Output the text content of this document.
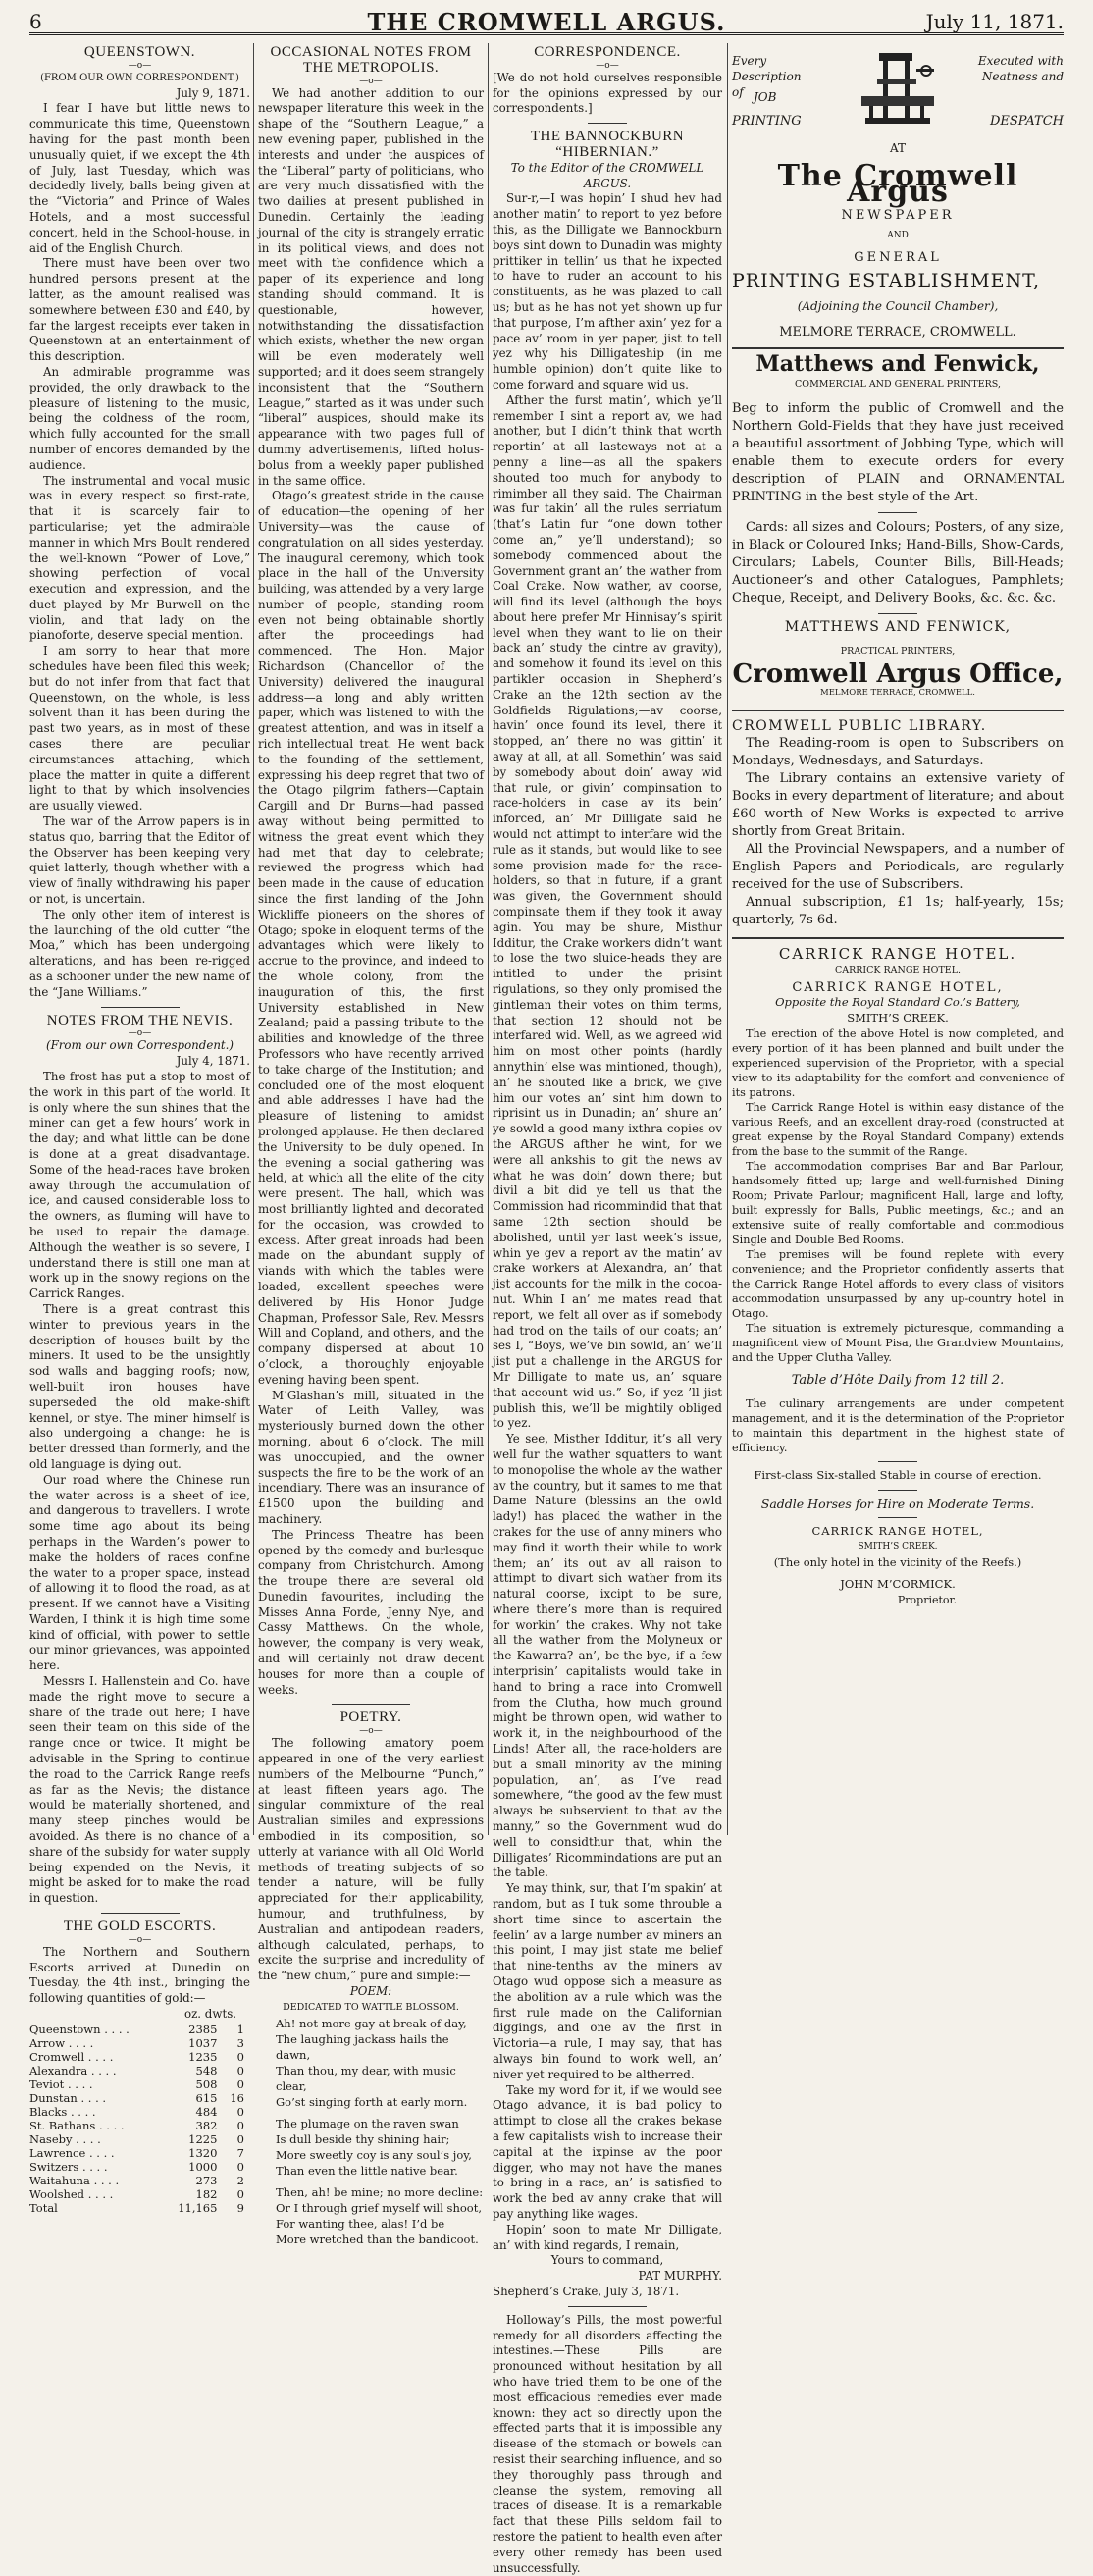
6	THE CROMWELL ARGUS.	July 11, 1871.
QUEENSTOWN.
—o—
(FROM OUR OWN CORRESPONDENT.)
July 9, 1871.

I fear I have but little news to communicate this time, Queenstown having for the past month been unusually quiet, if we except the 4th of July, last Tuesday, which was decidedly lively, balls being given at the “Victoria” and Prince of Wales Hotels, and a most successful concert, held in the School-house, in aid of the English Church.

There must have been over two hundred persons present at the latter, as the amount realised was somewhere between £30 and £40, by far the largest receipts ever taken in Queenstown at an entertainment of this description.

An admirable programme was provided, the only drawback to the pleasure of listening to the music, being the coldness of the room, which fully accounted for the small number of encores demanded by the audience.

The instrumental and vocal music was in every respect so first-rate, that it is scarcely fair to particularise; yet the admirable manner in which Mrs Boult rendered the well-known “Power of Love,” showing perfection of vocal execution and expression, and the duet played by Mr Burwell on the violin, and that lady on the pianoforte, deserve special mention.

I am sorry to hear that more schedules have been filed this week; but do not infer from that fact that Queenstown, on the whole, is less solvent than it has been during the past two years, as in most of these cases there are peculiar circumstances attaching, which place the matter in quite a different light to that by which insolvencies are usually viewed.

The war of the Arrow papers is in status quo, barring that the Editor of the Observer has been keeping very quiet latterly, though whether with a view of finally withdrawing his paper or not, is uncertain.

The only other item of interest is the launching of the old cutter “the Moa,” which has been undergoing alterations, and has been re-rigged as a schooner under the new name of the “Jane Williams.”

NOTES FROM THE NEVIS.
—o—
(From our own Correspondent.)
July 4, 1871.

The frost has put a stop to most of the work in this part of the world. It is only where the sun shines that the miner can get a few hours’ work in the day; and what little can be done is done at a great disadvantage. Some of the head-races have broken away through the accumulation of ice, and caused considerable loss to the owners, as fluming will have to be used to repair the damage. Although the weather is so severe, I understand there is still one man at work up in the snowy regions on the Carrick Ranges.

There is a great contrast this winter to previous years in the description of houses built by the miners. It used to be the unsightly sod walls and bagging roofs; now, well-built iron houses have superseded the old make-shift kennel, or stye. The miner himself is also undergoing a change: he is better dressed than formerly, and the old language is dying out.

Our road where the Chinese run the water across is a sheet of ice, and dangerous to travellers. I wrote some time ago about its being perhaps in the Warden’s power to make the holders of races confine the water to a proper space, instead of allowing it to flood the road, as at present. If we cannot have a Visiting Warden, I think it is high time some kind of official, with power to settle our minor grievances, was appointed here.

Messrs I. Hallenstein and Co. have made the right move to secure a share of the trade out here; I have seen their team on this side of the range once or twice. It might be advisable in the Spring to continue the road to the Carrick Range reefs as far as the Nevis; the distance would be materially shortened, and many steep pinches would be avoided. As there is no chance of a share of the subsidy for water supply being expended on the Nevis, it might be asked for to make the road in question.

THE GOLD ESCORTS.
—o—

The Northern and Southern Escorts arrived at Dunedin on Tuesday, the 4th inst., bringing the following quantities of gold:—

oz. dwts.
Queenstown . . . .	2385	1
Arrow . . . .	1037	3
Cromwell . . . .	1235	0
Alexandra . . . .	548	0
Teviot . . . .	508	0
Dunstan . . . .	615	16
Blacks . . . .	484	0
St. Bathans . . . .	382	0
Naseby . . . .	1225	0
Lawrence . . . .	1320	7
Switzers . . . .	1000	0
Waitahuna . . . .	273	2
Woolshed . . . .	182	0
Total	11,165	9
OCCASIONAL NOTES FROM THE METROPOLIS.
—o—

We had another addition to our newspaper literature this week in the shape of the “Southern League,” a new evening paper, published in the interests and under the auspices of the “Liberal” party of politicians, who are very much dissatisfied with the two dailies at present published in Dunedin. Certainly the leading journal of the city is strangely erratic in its political views, and does not meet with the confidence which a paper of its experience and long standing should command. It is questionable, however, notwithstanding the dissatisfaction which exists, whether the new organ will be even moderately well supported; and it does seem strangely inconsistent that the “Southern League,” started as it was under such “liberal” auspices, should make its appearance with two pages full of dummy advertisements, lifted holus-bolus from a weekly paper published in the same office.

Otago’s greatest stride in the cause of education—the opening of her University—was the cause of congratulation on all sides yesterday. The inaugural ceremony, which took place in the hall of the University building, was attended by a very large number of people, standing room even not being obtainable shortly after the proceedings had commenced. The Hon. Major Richardson (Chancellor of the University) delivered the inaugural address—a long and ably written paper, which was listened to with the greatest attention, and was in itself a rich intellectual treat. He went back to the founding of the settlement, expressing his deep regret that two of the Otago pilgrim fathers—Captain Cargill and Dr Burns—had passed away without being permitted to witness the great event which they had met that day to celebrate; reviewed the progress which had been made in the cause of education since the first landing of the John Wickliffe pioneers on the shores of Otago; spoke in eloquent terms of the advantages which were likely to accrue to the province, and indeed to the whole colony, from the inauguration of this, the first University established in New Zealand; paid a passing tribute to the abilities and knowledge of the three Professors who have recently arrived to take charge of the Institution; and concluded one of the most eloquent and able addresses I have had the pleasure of listening to amidst prolonged applause. He then declared the University to be duly opened. In the evening a social gathering was held, at which all the elite of the city were present. The hall, which was most brilliantly lighted and decorated for the occasion, was crowded to excess. After great inroads had been made on the abundant supply of viands with which the tables were loaded, excellent speeches were delivered by His Honor Judge Chapman, Professor Sale, Rev. Messrs Will and Copland, and others, and the company dispersed at about 10 o’clock, a thoroughly enjoyable evening having been spent.

M’Glashan’s mill, situated in the Water of Leith Valley, was mysteriously burned down the other morning, about 6 o’clock. The mill was unoccupied, and the owner suspects the fire to be the work of an incendiary. There was an insurance of £1500 upon the building and machinery.

The Princess Theatre has been opened by the comedy and burlesque company from Christchurch. Among the troupe there are several old Dunedin favourites, including the Misses Anna Forde, Jenny Nye, and Cassy Matthews. On the whole, however, the company is very weak, and will certainly not draw decent houses for more than a couple of weeks.

POETRY.
—o—

The following amatory poem appeared in one of the very earliest numbers of the Melbourne “Punch,” at least fifteen years ago. The singular commixture of the real Australian similes and expressions embodied in its composition, so utterly at variance with all Old World methods of treating subjects of so tender a nature, will be fully appreciated for their applicability, humour, and truthfulness, by Australian and antipodean readers, although calculated, perhaps, to excite the surprise and incredulity of the “new chum,” pure and simple:—

POEM:
DEDICATED TO WATTLE BLOSSOM.
Ah! not more gay at break of day,
The laughing jackass hails the dawn,
Than thou, my dear, with music clear,
Go’st singing forth at early morn.
The plumage on the raven swan
Is dull beside thy shining hair;
More sweetly coy is any soul’s joy,
Than even the little native bear.
Then, ah! be mine; no more decline:
Or I through grief myself will shoot,
For wanting thee, alas! I’d be
More wretched than the bandicoot.
CORRESPONDENCE.
—o—

[We do not hold ourselves responsible for the opinions expressed by our correspondents.]

THE BANNOCKBURN “HIBERNIAN.”
To the Editor of the CROMWELL ARGUS.

Sur-r,—I was hopin’ I shud hev had another matin’ to report to yez before this, as the Dilligate we Bannockburn boys sint down to Dunadin was mighty prittiker in tellin’ us that he ixpected to have to ruder an account to his constituents, as he was plazed to call us; but as he has not yet shown up fur that purpose, I’m afther axin’ yez for a pace av’ room in yer paper, jist to tell yez why his Dilligateship (in me humble opinion) don’t quite like to come forward and square wid us.

Afther the furst matin’, which ye’ll remember I sint a report av, we had another, but I didn’t think that worth reportin’ at all—lasteways not at a penny a line—as all the spakers shouted too much for anybody to rimimber all they said. The Chairman was fur takin’ all the rules serriatum (that’s Latin fur “one down tother come an,” ye’ll understand); so somebody commenced about the Government grant an’ the wather from Coal Crake. Now wather, av coorse, will find its level (although the boys about here prefer Mr Hinnisay’s spirit level when they want to lie on their back an’ study the cintre av gravity), and somehow it found its level on this partikler occasion in Shepherd’s Crake an the 12th section av the Goldfields Rigulations;—av coorse, havin’ once found its level, there it stopped, an’ there no was gittin’ it away at all, at all. Somethin’ was said by somebody about doin’ away wid that rule, or givin’ compinsation to race-holders in case av its bein’ inforced, an’ Mr Dilligate said he would not attimpt to interfare wid the rule as it stands, but would like to see some provision made for the race-holders, so that in future, if a grant was given, the Government should compinsate them if they took it away agin. You may be shure, Misthur Idditur, the Crake workers didn’t want to lose the two sluice-heads they are intitled to under the prisint rigulations, so they only promised the gintleman their votes on thim terms, that section 12 should not be interfared wid. Well, as we agreed wid him on most other points (hardly annythin’ else was mintioned, though), an’ he shouted like a brick, we give him our votes an’ sint him down to riprisint us in Dunadin; an’ shure an’ ye sowld a good many ixthra copies ov the ARGUS afther he wint, for we were all ankshis to git the news av what he was doin’ down there; but divil a bit did ye tell us that the Commission had ricommindid that that same 12th section should be abolished, until yer last week’s issue, whin ye gev a report av the matin’ av crake workers at Alexandra, an’ that jist accounts for the milk in the cocoa-nut. Whin I an’ me mates read that report, we felt all over as if somebody had trod on the tails of our coats; an’ ses I, “Boys, we’ve bin sowld, an’ we’ll jist put a challenge in the ARGUS for Mr Dilligate to mate us, an’ square that account wid us.” So, if yez ’ll jist publish this, we’ll be mightily obliged to yez.

Ye see, Misther Idditur, it’s all very well fur the wather squatters to want to monopolise the whole av the wather av the country, but it sames to me that Dame Nature (blessins an the owld lady!) has placed the wather in the crakes for the use of anny miners who may find it worth their while to work them; an’ its out av all raison to attimpt to divart sich wather from its natural coorse, ixcipt to be sure, where there’s more than is required for workin’ the crakes. Why not take all the wather from the Molyneux or the Kawarra? an’, be-the-bye, if a few interprisin’ capitalists would take in hand to bring a race into Cromwell from the Clutha, how much ground might be thrown open, wid wather to work it, in the neighbourhood of the Linds! After all, the race-holders are but a small minority av the mining population, an’, as I’ve read somewhere, “the good av the few must always be subservient to that av the manny,” so the Government wud do well to considthur that, whin the Dilligates’ Ricommindations are put an the table.

Ye may think, sur, that I’m spakin’ at random, but as I tuk some throuble a short time since to ascertain the feelin’ av a large number av miners an this point, I may jist state me belief that nine-tenths av the miners av Otago wud oppose sich a measure as the abolition av a rule which was the first rule made on the Californian diggings, and one av the first in Victoria—a rule, I may say, that has always bin found to work well, an’ niver yet required to be altherred.

Take my word for it, if we would see Otago advance, it is bad policy to attimpt to close all the crakes bekase a few capitalists wish to increase their capital at the ixpinse av the poor digger, who may not have the manes to bring in a race, an’ is satisfied to work the bed av anny crake that will pay anything like wages.

Hopin’ soon to mate Mr Dilligate, an’ with kind regards, I remain,

Yours to command,
PAT MURPHY.
Shepherd’s Crake, July 3, 1871.

Holloway’s Pills, the most powerful remedy for all disorders affecting the intestines.—These Pills are pronounced without hesitation by all who have tried them to be one of the most efficacious remedies ever made known: they act so directly upon the effected parts that it is impossible any disease of the stomach or bowels can resist their searching influence, and so they thoroughly pass through and cleanse the system, removing all traces of disease. It is a remarkable fact that these Pills seldom fail to restore the patient to health even after every other remedy has been used unsuccessfully.

Every Description of JOB
PRINTING
Executed with Neatness and
DESPATCH
AT
The Cromwell Argus
NEWSPAPER
AND
GENERAL
PRINTING ESTABLISHMENT,
(Adjoining the Council Chamber),
MELMORE TERRACE, CROMWELL.
Matthews and Fenwick,
COMMERCIAL AND GENERAL PRINTERS,

Beg to inform the public of Cromwell and the Northern Gold-Fields that they have just received a beautiful assortment of Jobbing Type, which will enable them to execute orders for every description of PLAIN and ORNAMENTAL PRINTING in the best style of the Art.

Cards: all sizes and Colours; Posters, of any size, in Black or Coloured Inks; Hand-Bills, Show-Cards, Circulars; Labels, Counter Bills, Bill-Heads; Auctioneer’s and other Catalogues, Pamphlets; Cheque, Receipt, and Delivery Books, &c. &c. &c.

MATTHEWS AND FENWICK,
PRACTICAL PRINTERS,
Cromwell Argus Office,
MELMORE TERRACE, CROMWELL.
CROMWELL PUBLIC LIBRARY.

The Reading-room is open to Subscribers on Mondays, Wednesdays, and Saturdays.

The Library contains an extensive variety of Books in every department of literature; and about £60 worth of New Works is expected to arrive shortly from Great Britain.

All the Provincial Newspapers, and a number of English Papers and Periodicals, are regularly received for the use of Subscribers.

Annual subscription, £1 1s; half-yearly, 15s; quarterly, 7s 6d.

CARRICK RANGE HOTEL.
CARRICK RANGE HOTEL.
CARRICK RANGE HOTEL,
Opposite the Royal Standard Co.’s Battery,
SMITH’S CREEK.

The erection of the above Hotel is now completed, and every portion of it has been planned and built under the experienced supervision of the Proprietor, with a special view to its adaptability for the comfort and convenience of its patrons.

The Carrick Range Hotel is within easy distance of the various Reefs, and an excellent dray-road (constructed at great expense by the Royal Standard Company) extends from the base to the summit of the Range.

The accommodation comprises Bar and Bar Parlour, handsomely fitted up; large and well-furnished Dining Room; Private Parlour; magnificent Hall, large and lofty, built expressly for Balls, Public meetings, &c.; and an extensive suite of really comfortable and commodious Single and Double Bed Rooms.

The premises will be found replete with every convenience; and the Proprietor confidently asserts that the Carrick Range Hotel affords to every class of visitors accommodation unsurpassed by any up-country hotel in Otago.

The situation is extremely picturesque, commanding a magnificent view of Mount Pisa, the Grandview Mountains, and the Upper Clutha Valley.

Table d’Hôte Daily from 12 till 2.

The culinary arrangements are under competent management, and it is the determination of the Proprietor to maintain this department in the highest state of efficiency.

First-class Six-stalled Stable in course of erection.
Saddle Horses for Hire on Moderate Terms.
CARRICK RANGE HOTEL,
SMITH’S CREEK.
(The only hotel in the vicinity of the Reefs.)
JOHN M’CORMICK.
Proprietor.
